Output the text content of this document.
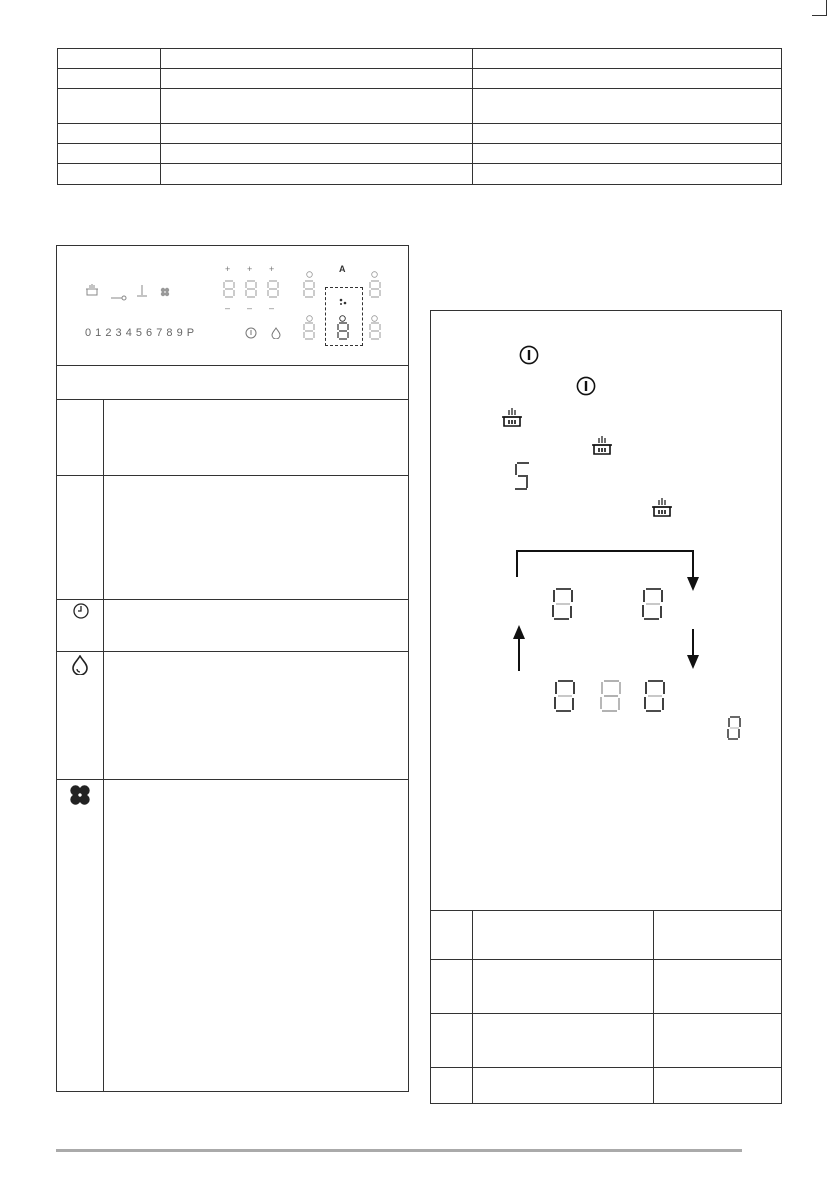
0 1 2 3 4 5 6 7 8 9 P
+ + +
– – –
A
